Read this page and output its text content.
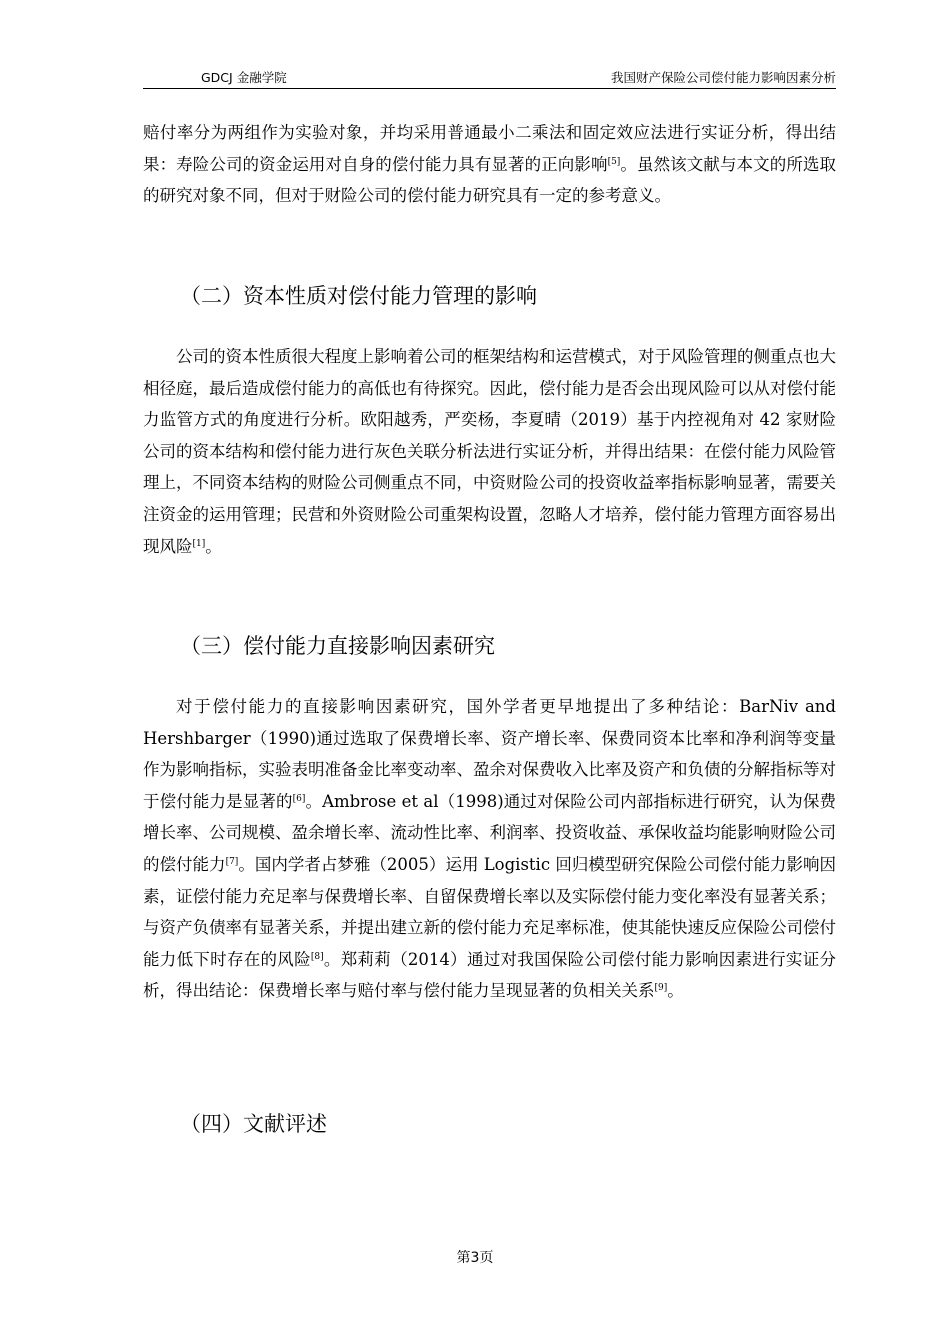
GDCJ 金融学院	我国财产保险公司偿付能力影响因素分析

赔付率分为两组作为实验对象，并均采用普通最小二乘法和固定效应法进行实证分析，得出结果：寿险公司的资金运用对自身的偿付能力具有显著的正向影响[5]。虽然该文献与本文的所选取的研究对象不同，但对于财险公司的偿付能力研究具有一定的参考意义。

（二）资本性质对偿付能力管理的影响

公司的资本性质很大程度上影响着公司的框架结构和运营模式，对于风险管理的侧重点也大相径庭，最后造成偿付能力的高低也有待探究。因此，偿付能力是否会出现风险可以从对偿付能力监管方式的角度进行分析。欧阳越秀，严奕杨，李夏晴（2019）基于内控视角对 42 家财险公司的资本结构和偿付能力进行灰色关联分析法进行实证分析，并得出结果：在偿付能力风险管理上，不同资本结构的财险公司侧重点不同，中资财险公司的投资收益率指标影响显著，需要关注资金的运用管理；民营和外资财险公司重架构设置，忽略人才培养，偿付能力管理方面容易出现风险[1]。

（三）偿付能力直接影响因素研究

对于偿付能力的直接影响因素研究，国外学者更早地提出了多种结论：BarNiv and Hershbarger（1990)通过选取了保费增长率、资产增长率、保费同资本比率和净利润等变量作为影响指标，实验表明准备金比率变动率、盈余对保费收入比率及资产和负债的分解指标等对于偿付能力是显著的[6]。Ambrose et al（1998)通过对保险公司内部指标进行研究，认为保费增长率、公司规模、盈余增长率、流动性比率、利润率、投资收益、承保收益均能影响财险公司的偿付能力[7]。国内学者占梦雅（2005）运用 Logistic 回归模型研究保险公司偿付能力影响因素，证偿付能力充足率与保费增长率、自留保费增长率以及实际偿付能力变化率没有显著关系；与资产负债率有显著关系，并提出建立新的偿付能力充足率标准，使其能快速反应保险公司偿付能力低下时存在的风险[8]。郑莉莉（2014）通过对我国保险公司偿付能力影响因素进行实证分析，得出结论：保费增长率与赔付率与偿付能力呈现显著的负相关关系[9]。

（四）文献评述
第3页
